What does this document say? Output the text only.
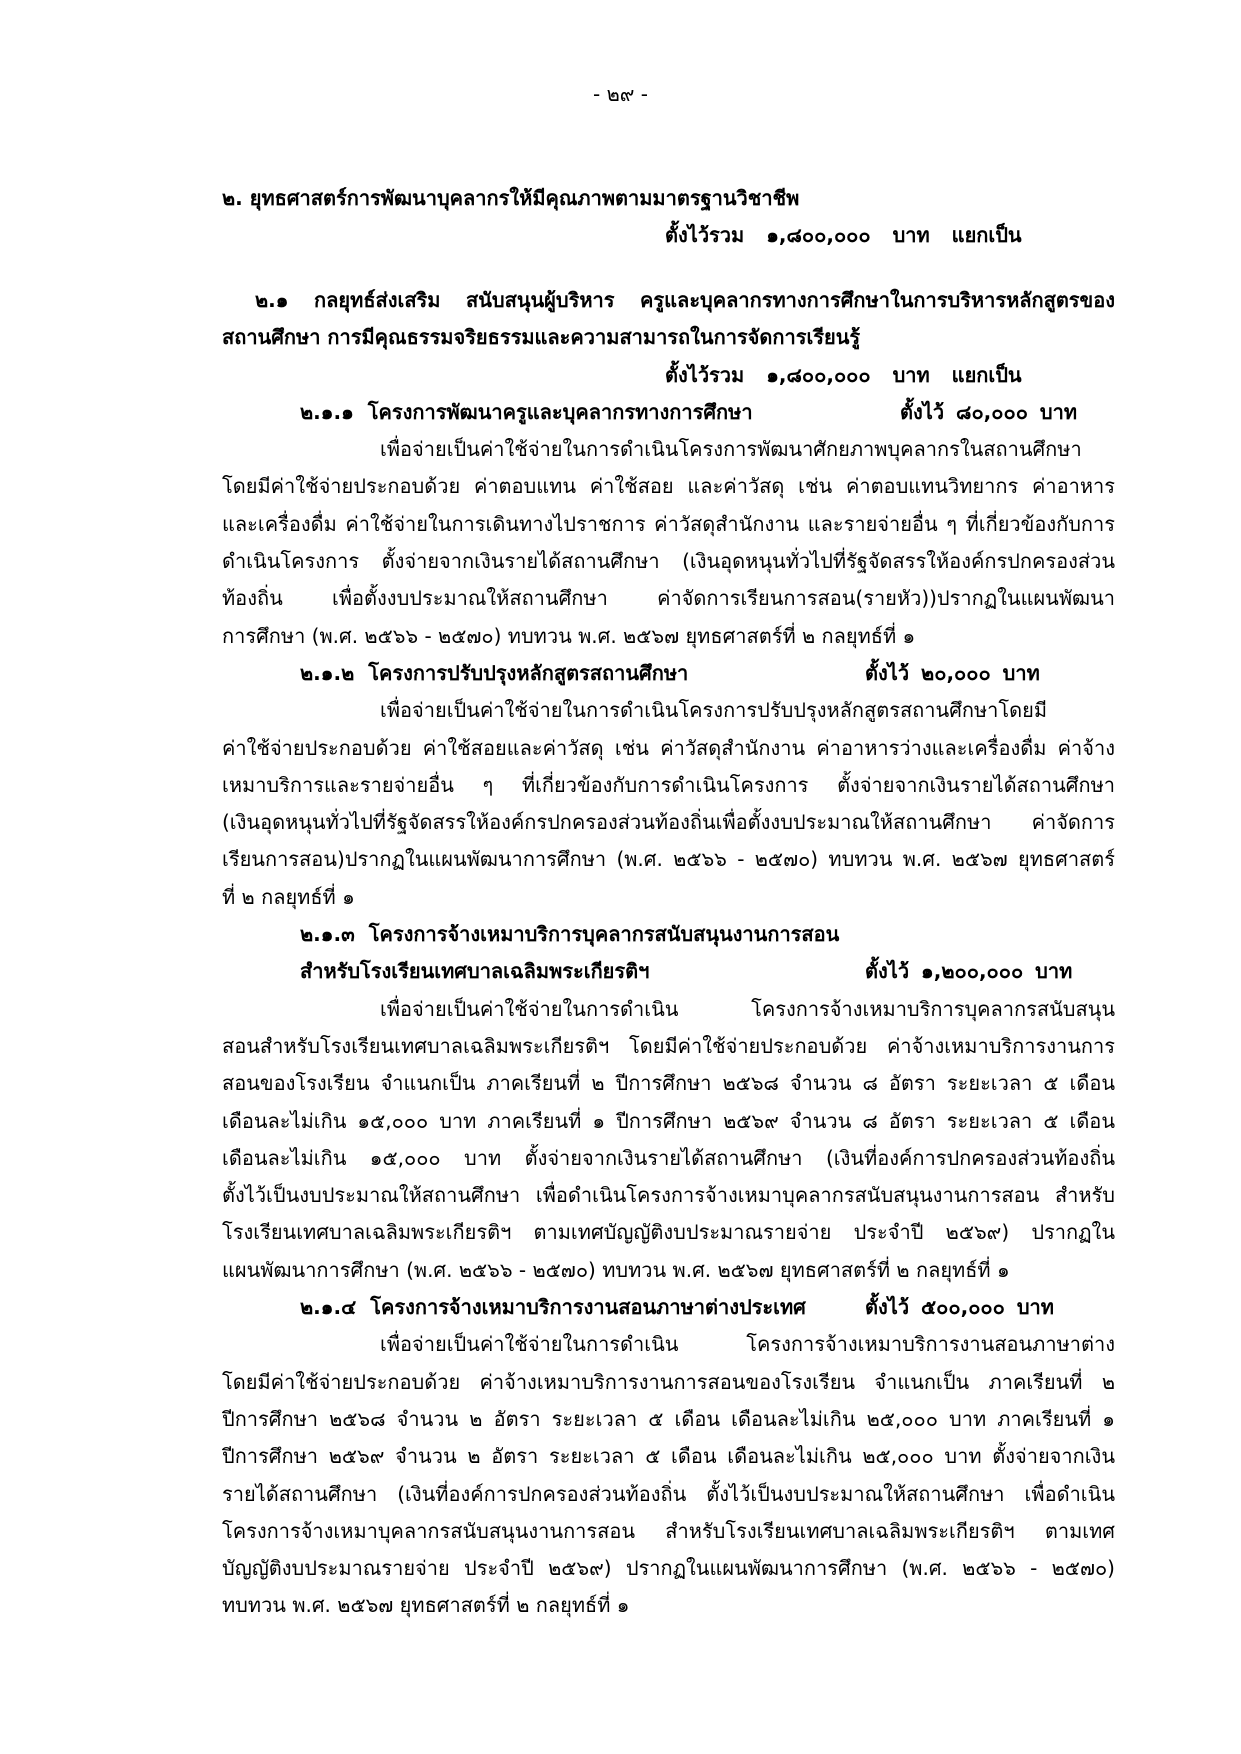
- ๒๙ -
๒. ยุทธศาสตร์การพัฒนาบุคลากรให้มีคุณภาพตามมาตรฐานวิชาชีพ
ตั้งไว้รวม ๑,๘๐๐,๐๐๐ บาท แยกเป็น
๒.๑ กลยุทธ์ส่งเสริม สนับสนุนผู้บริหาร ครูและบุคลากรทางการศึกษาในการบริหารหลักสูตรของ
สถานศึกษา การมีคุณธรรมจริยธรรมและความสามารถในการจัดการเรียนรู้
ตั้งไว้รวม ๑,๘๐๐,๐๐๐ บาท แยกเป็น
๒.๑.๑ โครงการพัฒนาครูและบุคลากรทางการศึกษา	ตั้งไว้ ๘๐,๐๐๐ บาท
เพื่อจ่ายเป็นค่าใช้จ่ายในการดำเนินโครงการพัฒนาศักยภาพบุคลากรในสถานศึกษา
โดยมีค่าใช้จ่ายประกอบด้วย ค่าตอบแทน ค่าใช้สอย และค่าวัสดุ เช่น ค่าตอบแทนวิทยากร ค่าอาหาร
และเครื่องดื่ม ค่าใช้จ่ายในการเดินทางไปราชการ ค่าวัสดุสำนักงาน และรายจ่ายอื่น ๆ ที่เกี่ยวข้องกับการ
ดำเนินโครงการ ตั้งจ่ายจากเงินรายได้สถานศึกษา (เงินอุดหนุนทั่วไปที่รัฐจัดสรรให้องค์กรปกครองส่วน
ท้องถิ่น เพื่อตั้งงบประมาณให้สถานศึกษา ค่าจัดการเรียนการสอน(รายหัว))ปรากฏในแผนพัฒนา
การศึกษา (พ.ศ. ๒๕๖๖ - ๒๕๗๐) ทบทวน พ.ศ. ๒๕๖๗ ยุทธศาสตร์ที่ ๒ กลยุทธ์ที่ ๑
๒.๑.๒ โครงการปรับปรุงหลักสูตรสถานศึกษา	ตั้งไว้ ๒๐,๐๐๐ บาท
เพื่อจ่ายเป็นค่าใช้จ่ายในการดำเนินโครงการปรับปรุงหลักสูตรสถานศึกษาโดยมี
ค่าใช้จ่ายประกอบด้วย ค่าใช้สอยและค่าวัสดุ เช่น ค่าวัสดุสำนักงาน ค่าอาหารว่างและเครื่องดื่ม ค่าจ้าง
เหมาบริการและรายจ่ายอื่น ๆ ที่เกี่ยวข้องกับการดำเนินโครงการ ตั้งจ่ายจากเงินรายได้สถานศึกษา
(เงินอุดหนุนทั่วไปที่รัฐจัดสรรให้องค์กรปกครองส่วนท้องถิ่นเพื่อตั้งงบประมาณให้สถานศึกษา ค่าจัดการ
เรียนการสอน)ปรากฏในแผนพัฒนาการศึกษา (พ.ศ. ๒๕๖๖ - ๒๕๗๐) ทบทวน พ.ศ. ๒๕๖๗ ยุทธศาสตร์
ที่ ๒ กลยุทธ์ที่ ๑
๒.๑.๓ โครงการจ้างเหมาบริการบุคลากรสนับสนุนงานการสอน
สำหรับโรงเรียนเทศบาลเฉลิมพระเกียรติฯ	ตั้งไว้ ๑,๒๐๐,๐๐๐ บาท
เพื่อจ่ายเป็นค่าใช้จ่ายในการดำเนิน โครงการจ้างเหมาบริการบุคลากรสนับสนุน
สอนสำหรับโรงเรียนเทศบาลเฉลิมพระเกียรติฯ โดยมีค่าใช้จ่ายประกอบด้วย ค่าจ้างเหมาบริการงานการ
สอนของโรงเรียน จำแนกเป็น ภาคเรียนที่ ๒ ปีการศึกษา ๒๕๖๘ จำนวน ๘ อัตรา ระยะเวลา ๕ เดือน
เดือนละไม่เกิน ๑๕,๐๐๐ บาท ภาคเรียนที่ ๑ ปีการศึกษา ๒๕๖๙ จำนวน ๘ อัตรา ระยะเวลา ๕ เดือน
เดือนละไม่เกิน ๑๕,๐๐๐ บาท ตั้งจ่ายจากเงินรายได้สถานศึกษา (เงินที่องค์การปกครองส่วนท้องถิ่น
ตั้งไว้เป็นงบประมาณให้สถานศึกษา เพื่อดำเนินโครงการจ้างเหมาบุคลากรสนับสนุนงานการสอน สำหรับ
โรงเรียนเทศบาลเฉลิมพระเกียรติฯ ตามเทศบัญญัติงบประมาณรายจ่าย ประจำปี ๒๕๖๙) ปรากฏใน
แผนพัฒนาการศึกษา (พ.ศ. ๒๕๖๖ - ๒๕๗๐) ทบทวน พ.ศ. ๒๕๖๗ ยุทธศาสตร์ที่ ๒ กลยุทธ์ที่ ๑
๒.๑.๔ โครงการจ้างเหมาบริการงานสอนภาษาต่างประเทศ	ตั้งไว้ ๕๐๐,๐๐๐ บาท
เพื่อจ่ายเป็นค่าใช้จ่ายในการดำเนิน โครงการจ้างเหมาบริการงานสอนภาษาต่าง
โดยมีค่าใช้จ่ายประกอบด้วย ค่าจ้างเหมาบริการงานการสอนของโรงเรียน จำแนกเป็น ภาคเรียนที่ ๒
ปีการศึกษา ๒๕๖๘ จำนวน ๒ อัตรา ระยะเวลา ๕ เดือน เดือนละไม่เกิน ๒๕,๐๐๐ บาท ภาคเรียนที่ ๑
ปีการศึกษา ๒๕๖๙ จำนวน ๒ อัตรา ระยะเวลา ๕ เดือน เดือนละไม่เกิน ๒๕,๐๐๐ บาท ตั้งจ่ายจากเงิน
รายได้สถานศึกษา (เงินที่องค์การปกครองส่วนท้องถิ่น ตั้งไว้เป็นงบประมาณให้สถานศึกษา เพื่อดำเนิน
โครงการจ้างเหมาบุคลากรสนับสนุนงานการสอน สำหรับโรงเรียนเทศบาลเฉลิมพระเกียรติฯ ตามเทศ
บัญญัติงบประมาณรายจ่าย ประจำปี ๒๕๖๙) ปรากฏในแผนพัฒนาการศึกษา (พ.ศ. ๒๕๖๖ - ๒๕๗๐)
ทบทวน พ.ศ. ๒๕๖๗ ยุทธศาสตร์ที่ ๒ กลยุทธ์ที่ ๑
